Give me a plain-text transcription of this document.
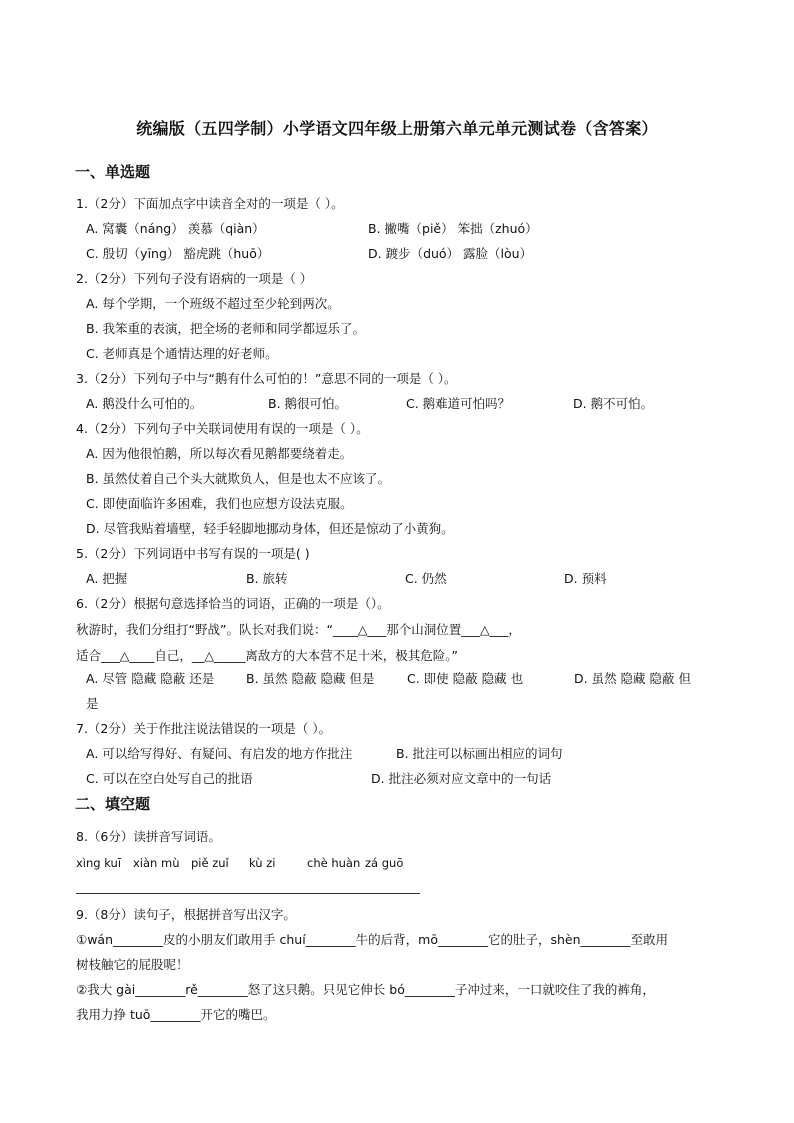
统编版（五四学制）小学语文四年级上册第六单元单元测试卷（含答案）
一、单选题
1.（2分）下面加点字中读音全对的一项是（ ）。
A. 窝囊（náng） 羡慕（qiàn）	B. 撇嘴（piě） 笨拙（zhuó）
C. 殷切（yīng） 豁虎跳（huō）	D. 踱步（duó） 露脸（lòu）
2.（2分）下列句子没有语病的一项是（ ）
A. 每个学期，一个班级不超过至少轮到两次。
B. 我笨重的表演，把全场的老师和同学都逗乐了。
C. 老师真是个通情达理的好老师。
3.（2分）下列句子中与“鹅有什么可怕的！”意思不同的一项是（ ）。
A. 鹅没什么可怕的。	B. 鹅很可怕。	C. 鹅难道可怕吗？	D. 鹅不可怕。
4.（2分）下列句子中关联词使用有误的一项是（ ）。
A. 因为他很怕鹅，所以每次看见鹅都要绕着走。
B. 虽然仗着自己个头大就欺负人，但是也太不应该了。
C. 即使面临许多困难，我们也应想方设法克服。
D. 尽管我贴着墙壁，轻手轻脚地挪动身体，但还是惊动了小黄狗。
5.（2分）下列词语中书写有误的一项是( )
A. 把握	B. 旅转	C. 仍然	D. 预料
6.（2分）根据句意选择恰当的词语，正确的一项是（）。
秋游时，我们分组打“野战”。队长对我们说：“____△___那个山洞位置___△___，
适合___△____自己，__△_____离敌方的大本营不足十米，极其危险。”
A. 尽管 隐藏 隐蔽 还是	B. 虽然 隐蔽 隐藏 但是	C. 即使 隐蔽 隐藏 也	D. 虽然 隐藏 隐蔽 但
是
7.（2分）关于作批注说法错误的一项是（ ）。
A. 可以给写得好、有疑问、有启发的地方作批注	B. 批注可以标画出相应的词句
C. 可以在空白处写自己的批语	D. 批注必须对应文章中的一句话
二、填空题
8.（6分）读拼音写词语。
xìng kuī xiàn mù piě zuǐ kù zi	chè huàn zá guō
9.（8分）读句子，根据拼音写出汉字。
①wán________皮的小朋友们敢用手 chuí________牛的后背，mō________它的肚子，shèn________至敢用
树枝触它的屁股呢！
②我大 gài________rě________怒了这只鹅。只见它伸长 bó________子冲过来，一口就咬住了我的裤角，
我用力挣 tuō________开它的嘴巴。
